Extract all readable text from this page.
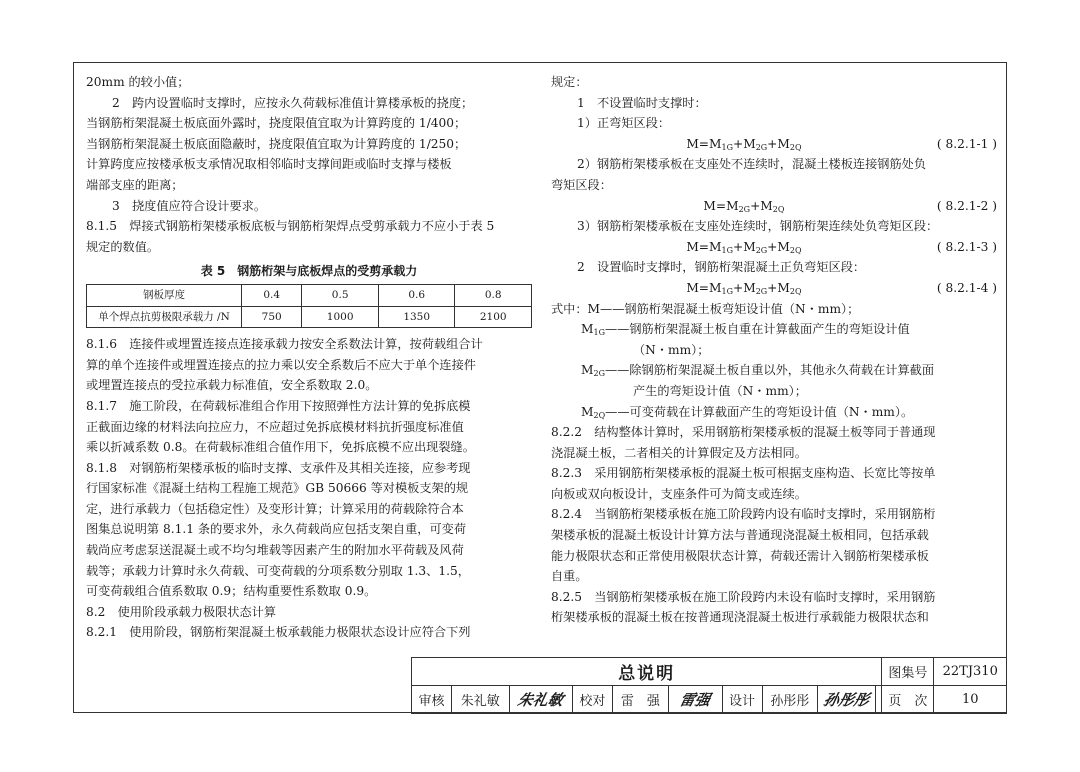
20mm 的较小值；

2　跨内设置临时支撑时，应按永久荷载标准值计算楼承板的挠度；

当钢筋桁架混凝土板底面外露时，挠度限值宜取为计算跨度的 1/400；

当钢筋桁架混凝土板底面隐蔽时，挠度限值宜取为计算跨度的 1/250；

计算跨度应按楼承板支承情况取相邻临时支撑间距或临时支撑与楼板

端部支座的距离；

3　挠度值应符合设计要求。

8.1.5　焊接式钢筋桁架楼承板底板与钢筋桁架焊点受剪承载力不应小于表 5

规定的数值。

表 5　钢筋桁架与底板焊点的受剪承载力
钢板厚度	0.4	0.5	0.6	0.8
单个焊点抗剪极限承载力 /N	750	1000	1350	2100

8.1.6　连接件或埋置连接点连接承载力按安全系数法计算，按荷载组合计

算的单个连接件或埋置连接点的拉力乘以安全系数后不应大于单个连接件

或埋置连接点的受拉承载力标准值，安全系数取 2.0。

8.1.7　施工阶段，在荷载标准组合作用下按照弹性方法计算的免拆底模

正截面边缘的材料法向拉应力，不应超过免拆底模材料抗折强度标准值

乘以折减系数 0.8。在荷载标准组合值作用下，免拆底模不应出现裂缝。

8.1.8　对钢筋桁架楼承板的临时支撑、支承件及其相关连接，应参考现

行国家标准《混凝土结构工程施工规范》GB 50666 等对模板支架的规

定，进行承载力（包括稳定性）及变形计算；计算采用的荷载除符合本

图集总说明第 8.1.1 条的要求外，永久荷载尚应包括支架自重，可变荷

载尚应考虑泵送混凝土或不均匀堆载等因素产生的附加水平荷载及风荷

载等；承载力计算时永久荷载、可变荷载的分项系数分别取 1.3、1.5，

可变荷载组合值系数取 0.9；结构重要性系数取 0.9。

8.2　使用阶段承载力极限状态计算

8.2.1　使用阶段，钢筋桁架混凝土板承载能力极限状态设计应符合下列

规定：

1　不设置临时支撑时：

1）正弯矩区段：

$M=M_{1G}+M_{2G}+M_{2Q}$	( 8.2.1-1 )

2）钢筋桁架楼承板在支座处不连续时，混凝土楼板连接钢筋处负

弯矩区段：

$M=M_{2G}+M_{2Q}$	( 8.2.1-2 )

3）钢筋桁架楼承板在支座处连续时，钢筋桁架连续处负弯矩区段：

$M=M_{1G}+M_{2G}+M_{2Q}$	( 8.2.1-3 )

2　设置临时支撑时，钢筋桁架混凝土正负弯矩区段：

$M=M_{1G}+M_{2G}+M_{2Q}$	( 8.2.1-4 )

式中：M——钢筋桁架混凝土板弯矩设计值（N・mm）；

$M_{1G}——$钢筋桁架混凝土板自重在计算截面产生的弯矩设计值

（N・mm）；

$M_{2G}——$除钢筋桁架混凝土板自重以外，其他永久荷载在计算截面

产生的弯矩设计值（N・mm）；

$M_{2Q}——$可变荷载在计算截面产生的弯矩设计值（N・mm）。

8.2.2　结构整体计算时，采用钢筋桁架楼承板的混凝土板等同于普通现

浇混凝土板，二者相关的计算假定及方法相同。

8.2.3　采用钢筋桁架楼承板的混凝土板可根据支座构造、长宽比等按单

向板或双向板设计，支座条件可为简支或连续。

8.2.4　当钢筋桁架楼承板在施工阶段跨内设有临时支撑时，采用钢筋桁

架楼承板的混凝土板设计计算方法与普通现浇混凝土板相同，包括承载

能力极限状态和正常使用极限状态计算，荷载还需计入钢筋桁架楼承板

自重。

8.2.5　当钢筋桁架楼承板在施工阶段跨内未设有临时支撑时，采用钢筋

桁架楼承板的混凝土板在按普通现浇混凝土板进行承载能力极限状态和

总说明										图集号	22TJ310
审核	朱礼敏	朱礼敏	校对	雷　强	雷强	设计	孙彤彤	孙彤彤		页　次	10
